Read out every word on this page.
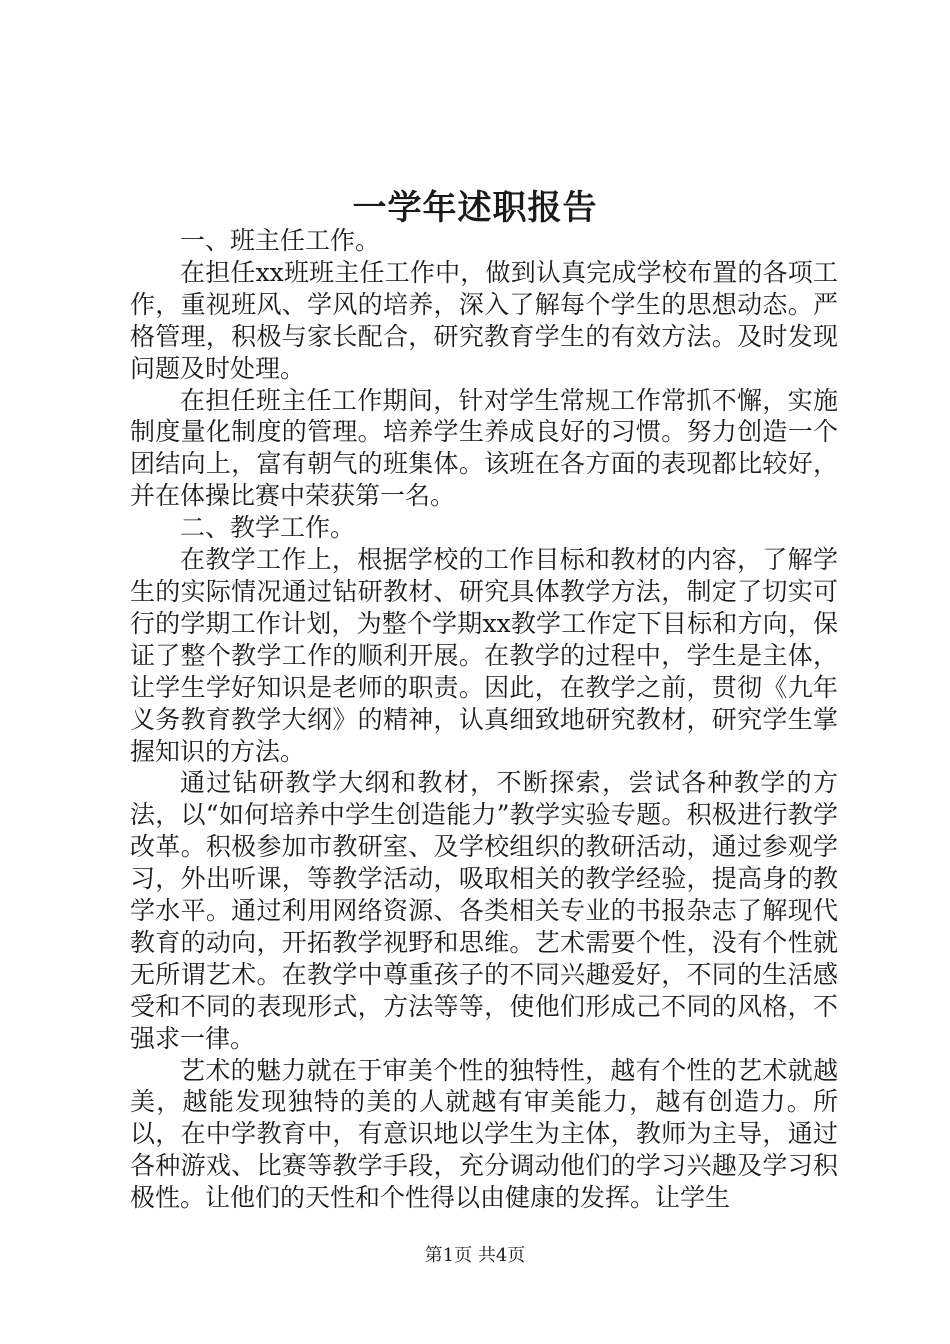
一学年述职报告

一、班主任工作。

在担任xx班班主任工作中，做到认真完成学校布置的各项工作，重视班风、学风的培养，深入了解每个学生的思想动态。严格管理，积极与家长配合，研究教育学生的有效方法。及时发现问题及时处理。

在担任班主任工作期间，针对学生常规工作常抓不懈，实施制度量化制度的管理。培养学生养成良好的习惯。努力创造一个团结向上，富有朝气的班集体。该班在各方面的表现都比较好，并在体操比赛中荣获第一名。

二、教学工作。

在教学工作上，根据学校的工作目标和教材的内容，了解学生的实际情况通过钻研教材、研究具体教学方法，制定了切实可行的学期工作计划，为整个学期xx教学工作定下目标和方向，保证了整个教学工作的顺利开展。在教学的过程中，学生是主体，让学生学好知识是老师的职责。因此，在教学之前，贯彻《九年义务教育教学大纲》的精神，认真细致地研究教材，研究学生掌握知识的方法。

通过钻研教学大纲和教材，不断探索，尝试各种教学的方法，以“如何培养中学生创造能力”教学实验专题。积极进行教学改革。积极参加市教研室、及学校组织的教研活动，通过参观学习，外出听课，等教学活动，吸取相关的教学经验，提高身的教学水平。通过利用网络资源、各类相关专业的书报杂志了解现代教育的动向，开拓教学视野和思维。艺术需要个性，没有个性就无所谓艺术。在教学中尊重孩子的不同兴趣爱好，不同的生活感受和不同的表现形式，方法等等，使他们形成己不同的风格，不强求一律。

艺术的魅力就在于审美个性的独特性，越有个性的艺术就越美，越能发现独特的美的人就越有审美能力，越有创造力。所以，在中学教育中，有意识地以学生为主体，教师为主导，通过各种游戏、比赛等教学手段，充分调动他们的学习兴趣及学习积极性。让他们的天性和个性得以由健康的发挥。让学生

第1页 共4页
